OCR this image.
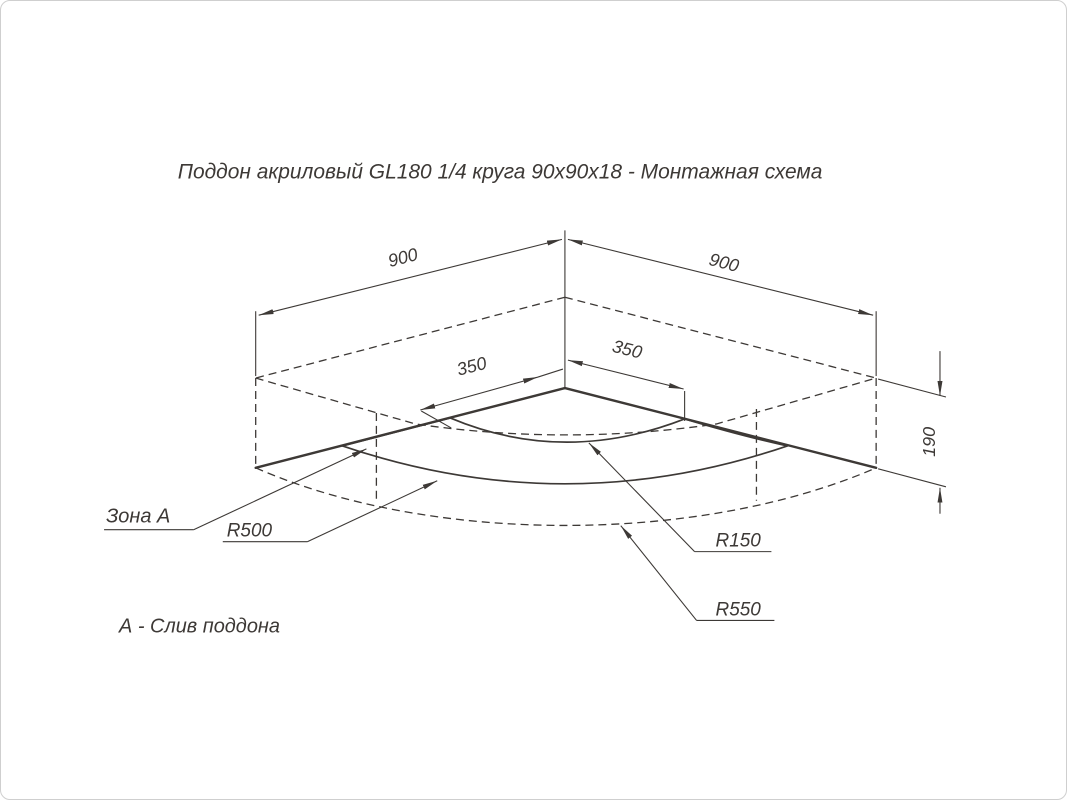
Поддон акриловый GL180 1/4 круга 90х90х18 - Монтажная схема
900	900
350
350
190
Зона А
R500	R150
R550
А - Слив поддона
